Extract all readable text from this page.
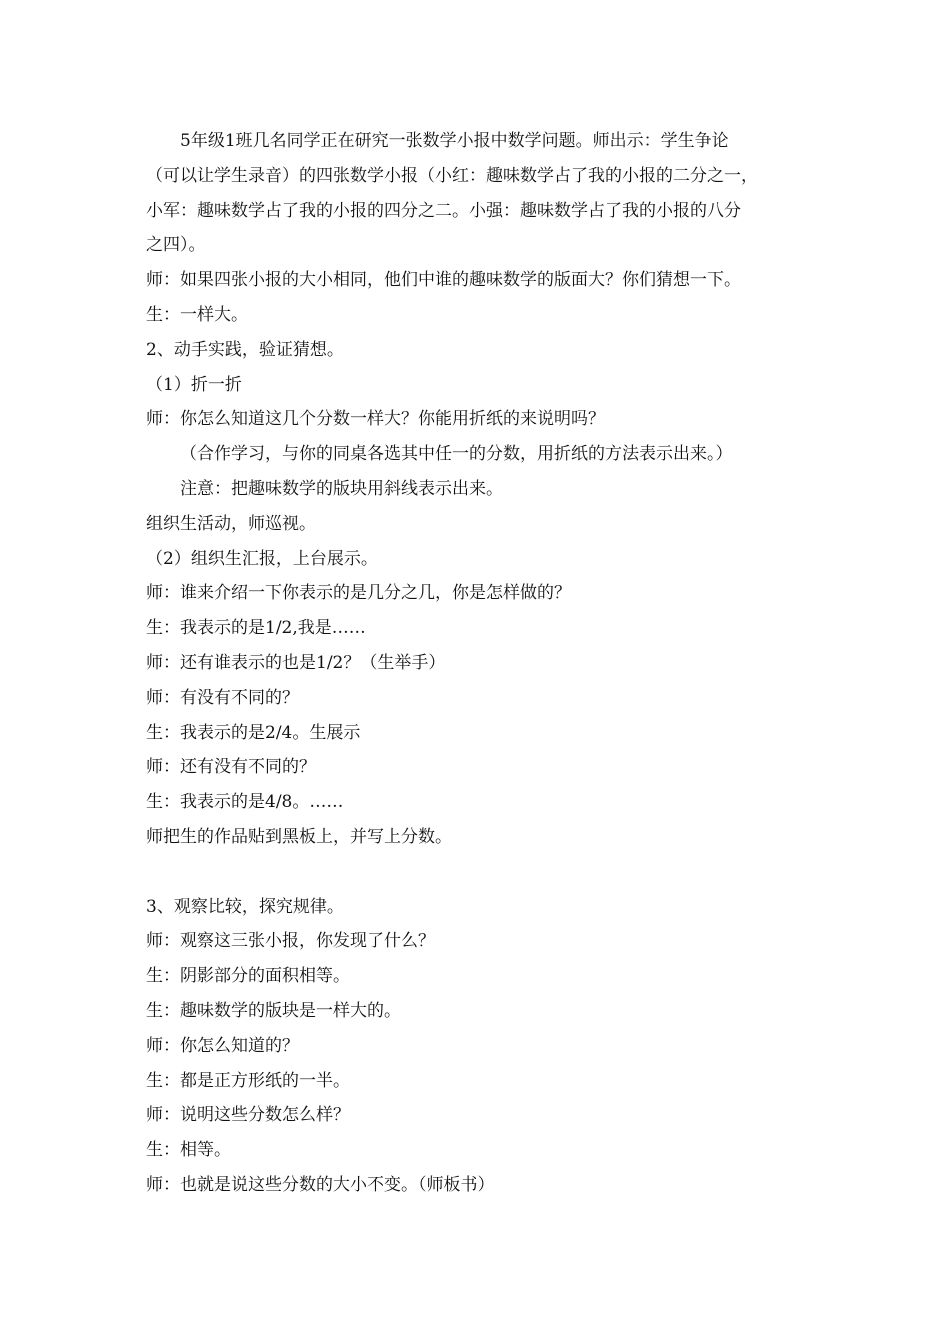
5年级1班几名同学正在研究一张数学小报中数学问题。师出示：学生争论
（可以让学生录音）的四张数学小报（小红：趣味数学占了我的小报的二分之一，
小军：趣味数学占了我的小报的四分之二。小强：趣味数学占了我的小报的八分
之四）。
师：如果四张小报的大小相同，他们中谁的趣味数学的版面大？你们猜想一下。
生：一样大。
2、动手实践，验证猜想。
（1）折一折
师：你怎么知道这几个分数一样大？你能用折纸的来说明吗？
（合作学习，与你的同桌各选其中任一的分数，用折纸的方法表示出来。）
注意：把趣味数学的版块用斜线表示出来。
组织生活动，师巡视。
（2）组织生汇报，上台展示。
师：谁来介绍一下你表示的是几分之几，你是怎样做的？
生：我表示的是1/2,我是……
师：还有谁表示的也是1/2？（生举手）
师：有没有不同的？
生：我表示的是2/4。生展示
师：还有没有不同的？
生：我表示的是4/8。……
师把生的作品贴到黑板上，并写上分数。
3、观察比较，探究规律。
师：观察这三张小报，你发现了什么？
生：阴影部分的面积相等。
生：趣味数学的版块是一样大的。
师：你怎么知道的？
生：都是正方形纸的一半。
师：说明这些分数怎么样？
生：相等。
师：也就是说这些分数的大小不变。（师板书）
